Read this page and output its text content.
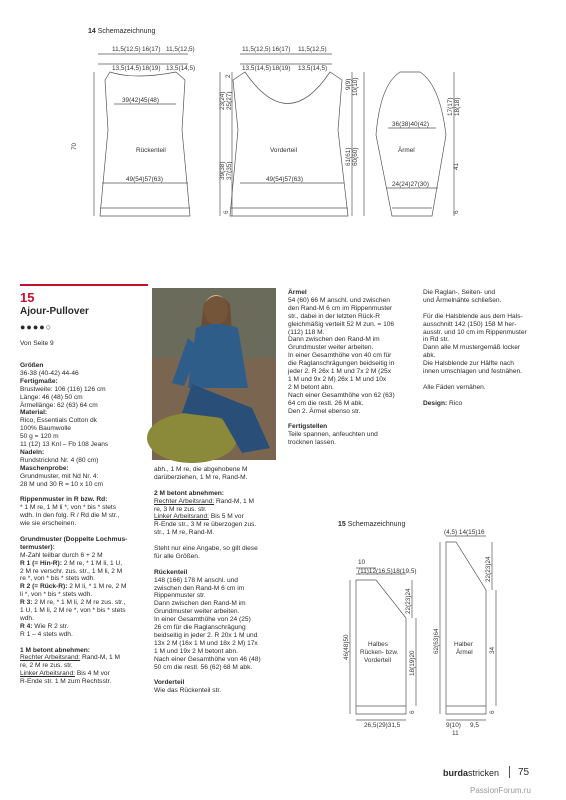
14 Schemazeichnung
11,5(12,5) 16(17) 11,5(12,5)
13,5(14,5) 18(19) 13,5(14,5)
39(42)45(48)
Rückenteil
49(54)57(63)
70
11,5(12,5) 16(17) 11,5(12,5)
13,5(14,5) 18(19) 13,5(14,5)
Vorderteil
49(54)57(63)
2
23(24) 25(27)
39(38) 37(35)
6
9(9) 10(10)
61(61) 60(60)
36(38)40(42)
Ärmel
24(24)27(30)
17(17) 18(18)
41
6
15
Ajour-Pullover
●●●●○
Von Seite 9

Größen

36-38 (40-42) 44-46

Fertigmaße:

Brustweite: 106 (116) 126 cm

Länge: 46 (48) 50 cm

Ärmellänge: 62 (63) 64 cm

Material:

Rico, Essentials Cotton dk

100% Baumwolle

50 g = 120 m

11 (12) 13 Knl – Fb 108 Jeans

Nadeln:

Rundstricknd Nr. 4 (80 cm)

Maschenprobe:

Grundmuster, mit Nd Nr. 4:

28 M und 30 R = 10 x 10 cm

Rippenmuster in R bzw. Rd:

* 1 M re, 1 M li *, von * bis * stets

wdh. In den folg. R / Rd die M str.,

wie sie erscheinen.

Grundmuster (Doppelte Lochmus-

termuster):

M-Zahl teilbar durch 6 + 2 M

R 1 (= Hin-R): 2 M re, * 1 M li, 1 U,

2 M re verschr. zus. str., 1 M li, 2 M

re *, von * bis * stets wdh.

R 2 (= Rück-R): 2 M li, * 1 M re, 2 M

li *, von * bis * stets wdh.

R 3: 2 M re, * 1 M li, 2 M re zus. str.,

1 U, 1 M li, 2 M re *, von * bis * stets

wdh.

R 4: Wie R 2 str.

R 1 – 4 stets wdh.

1 M betont abnehmen:

Rechter Arbeitsrand: Rand-M, 1 M

re, 2 M re zus. str.

Linker Arbeitsrand: Bis 4 M vor

R-Ende str. 1 M zum Rechtsstr.

abh., 1 M re, die abgehobene M

darüberziehen, 1 M re, Rand-M.

2 M betont abnehmen:

Rechter Arbeitsrand: Rand-M, 1 M

re, 3 M re zus. str.

Linker Arbeitsrand: Bis 5 M vor

R-Ende str., 3 M re überzogen zus.

str., 1 M re, Rand-M.

Steht nur eine Angabe, so gilt diese

für alle Größen.

Rückenteil

148 (166) 178 M anschl. und

zwischen den Rand-M 6 cm im

Rippenmuster str.

Dann zwischen den Rand-M im

Grundmuster weiter arbeiten.

In einer Gesamthöhe von 24 (25)

26 cm für die Raglanschrägung

beidseitig in jeder 2. R 20x 1 M und

13x 2 M (16x 1 M und 18x 2 M) 17x

1 M und 19x 2 M betont abn.

Nach einer Gesamthöhe von 46 (48)

50 cm die restl. 56 (62) 68 M abk.

Vorderteil

Wie das Rückenteil str.

Ärmel

54 (60) 66 M anschl. und zwischen

den Rand-M 6 cm im Rippenmuster

str., dabei in der letzten Rück-R

gleichmäßig verteilt 52 M zun. = 106

(112) 118 M.

Dann zwischen den Rand-M im

Grundmuster weiter arbeiten.

In einer Gesamthöhe von 40 cm für

die Raglanschrägungen beidseitig in

jeder 2. R 26x 1 M und 7x 2 M (25x

1 M und 9x 2 M) 26x 1 M und 10x

2 M betont abn.

Nach einer Gesamthöhe von 62 (63)

64 cm die restl. 26 M abk.

Den 2. Ärmel ebenso str.

Fertigstellen

Teile spannen, anfeuchten und

trocknen lassen.

Die Raglan-, Seiten- und

und Ärmelnähte schließen.

Für die Halsblende aus dem Hals-

ausschnitt 142 (150) 158 M her-

ausstr. und 10 cm im Rippenmuster

in Rd str.

Dann alle M mustergemäß locker

abk.

Die Halsblende zur Hälfte nach

innen umschlagen und festnähen.

Alle Fäden vernähen.

Design: Rico

15 Schemazeichnung
10
(11)12(16,5)18(19,5)
Halbes
Rücken- bzw.
Vorderteil
46(48)50
22(23)24
18(19)20
6
26,5(29)31,5
(4,5) 14(15)16
Halber
Ärmel
62(63)64
22(23)24
34
6
9(10) 9,5
11
burdastricken 75
PassionForum.ru
